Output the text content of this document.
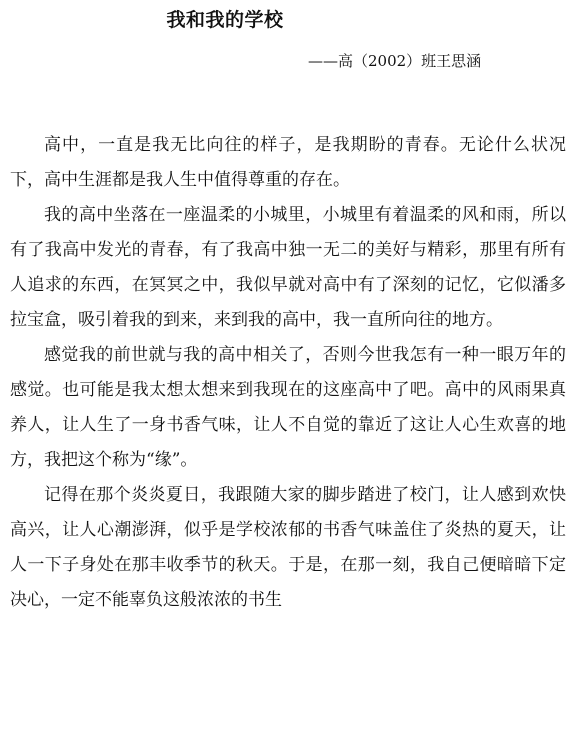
我和我的学校
——高（2002）班王思涵

高中，一直是我无比向往的样子，是我期盼的青春。无论什么状况下，高中生涯都是我人生中值得尊重的存在。

我的高中坐落在一座温柔的小城里，小城里有着温柔的风和雨，所以有了我高中发光的青春，有了我高中独一无二的美好与精彩，那里有所有人追求的东西，在冥冥之中，我似早就对高中有了深刻的记忆，它似潘多拉宝盒，吸引着我的到来，来到我的高中，我一直所向往的地方。

感觉我的前世就与我的高中相关了，否则今世我怎有一种一眼万年的感觉。也可能是我太想太想来到我现在的这座高中了吧。高中的风雨果真养人，让人生了一身书香气味，让人不自觉的靠近了这让人心生欢喜的地方，我把这个称为“缘”。

记得在那个炎炎夏日，我跟随大家的脚步踏进了校门，让人感到欢快高兴，让人心潮澎湃，似乎是学校浓郁的书香气味盖住了炎热的夏天，让人一下子身处在那丰收季节的秋天。于是，在那一刻，我自己便暗暗下定决心，一定不能辜负这般浓浓的书生
